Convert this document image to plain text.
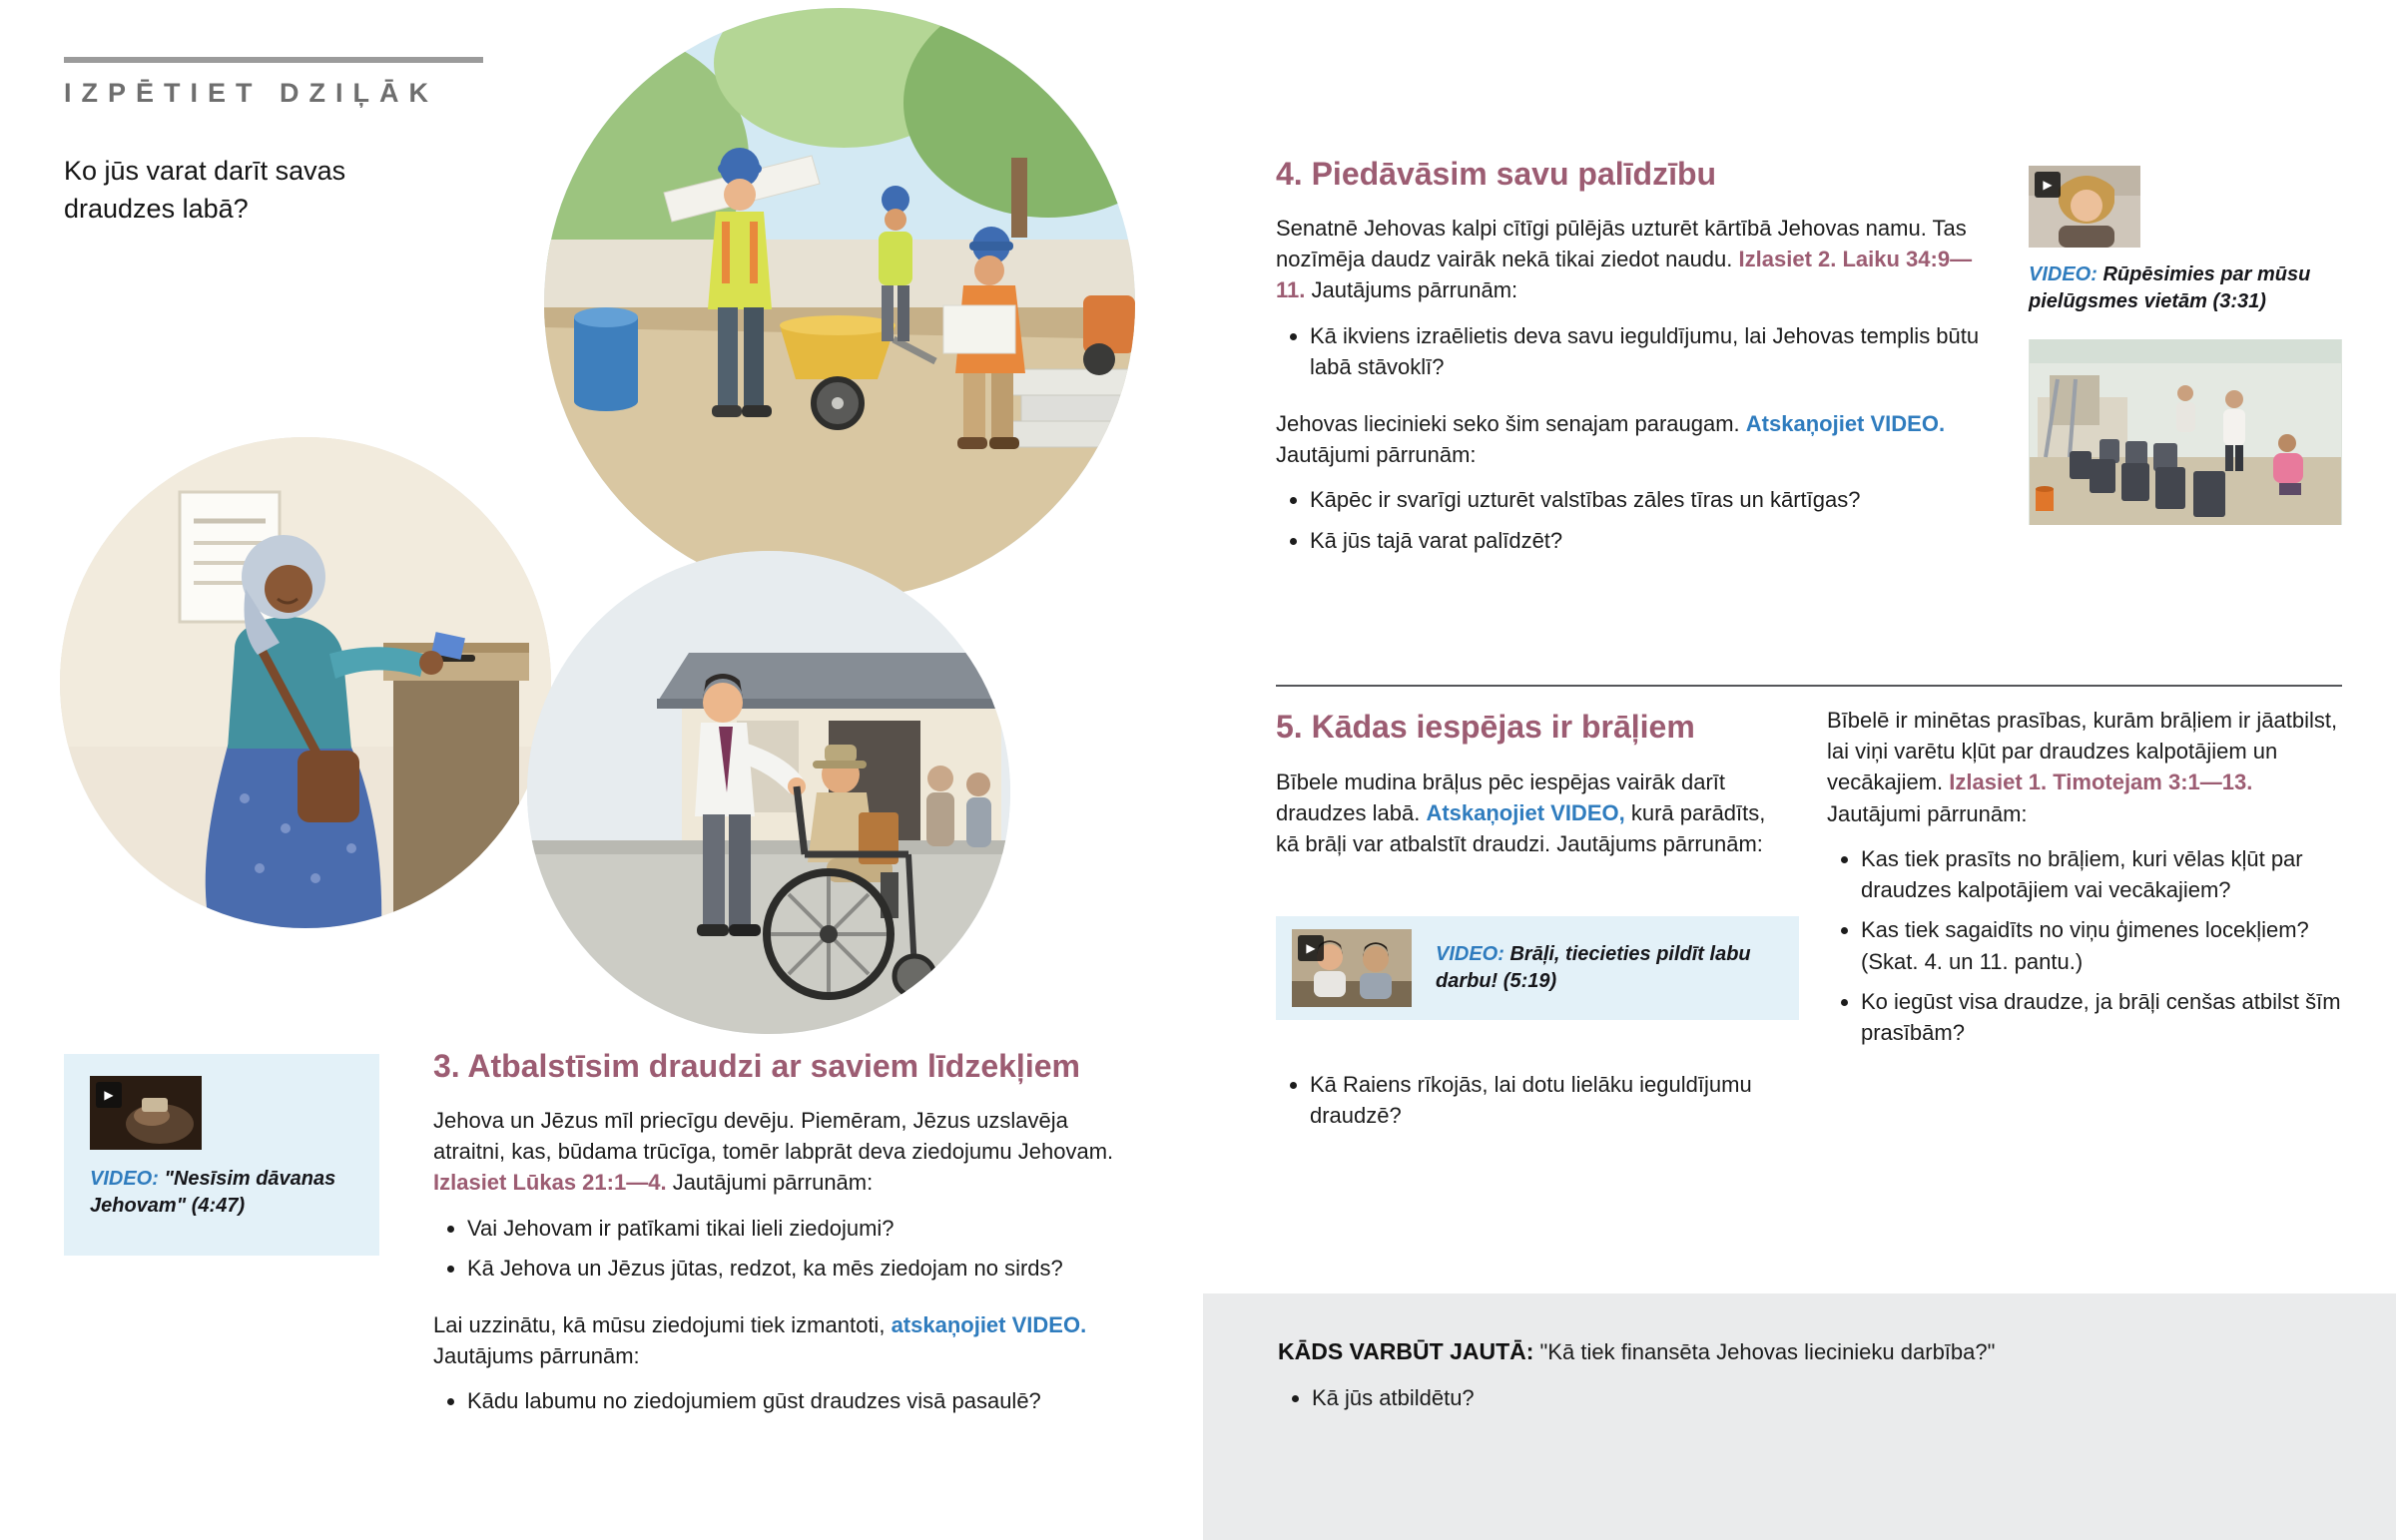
IZPĒTIET DZIĻĀK
Ko jūs varat darīt savas draudzes labā?
▶
VIDEO: "Nesīsim dāvanas Jehovam" (4:47)
3. Atbalstīsim draudzi ar saviem līdzekļiem

Jehova un Jēzus mīl priecīgu devēju. Piemēram, Jēzus uzslavēja atraitni, kas, būdama trūcīga, tomēr labprāt deva ziedojumu Jehovam. Izlasiet Lūkas 21:1—4. Jautājumi pārrunām:

• Vai Jehovam ir patīkami tikai lieli ziedojumi?
• Kā Jehova un Jēzus jūtas, redzot, ka mēs ziedojam no sirds?

Lai uzzinātu, kā mūsu ziedojumi tiek izmantoti, atskaņojiet VIDEO. Jautājums pārrunām:

• Kādu labumu no ziedojumiem gūst draudzes visā pasaulē?
4. Piedāvāsim savu palīdzību

Senatnē Jehovas kalpi cītīgi pūlējās uzturēt kārtībā Jehovas namu. Tas nozīmēja daudz vairāk nekā tikai ziedot naudu. Izlasiet 2. Laiku 34:9—11. Jautājums pārrunām:

• Kā ikviens izraēlietis deva savu ieguldījumu, lai Jehovas templis būtu labā stāvoklī?

Jehovas liecinieki seko šim senajam paraugam. Atskaņojiet VIDEO. Jautājumi pārrunām:

• Kāpēc ir svarīgi uzturēt valstības zāles tīras un kārtīgas?
• Kā jūs tajā varat palīdzēt?
▶
VIDEO: Rūpēsimies par mūsu pielūgsmes vietām (3:31)
5. Kādas iespējas ir brāļiem

Bībele mudina brāļus pēc iespējas vairāk darīt draudzes labā. Atskaņojiet VIDEO, kurā parādīts, kā brāļi var atbalstīt draudzi. Jautājums pārrunām:

▶	VIDEO: Brāļi, tiecieties pildīt labu darbu! (5:19)
• Kā Raiens rīkojās, lai dotu lielāku ieguldījumu draudzē?

Bībelē ir minētas prasības, kurām brāļiem ir jāatbilst, lai viņi varētu kļūt par draudzes kalpotājiem un vecākajiem. Izlasiet 1. Timotejam 3:1—13. Jautājumi pārrunām:

• Kas tiek prasīts no brāļiem, kuri vēlas kļūt par draudzes kalpotājiem vai vecākajiem?
• Kas tiek sagaidīts no viņu ģimenes locekļiem? (Skat. 4. un 11. pantu.)
• Ko iegūst visa draudze, ja brāļi cenšas atbilst šīm prasībām?

KĀDS VARBŪT JAUTĀ: "Kā tiek finansēta Jehovas liecinieku darbība?"

• Kā jūs atbildētu?
